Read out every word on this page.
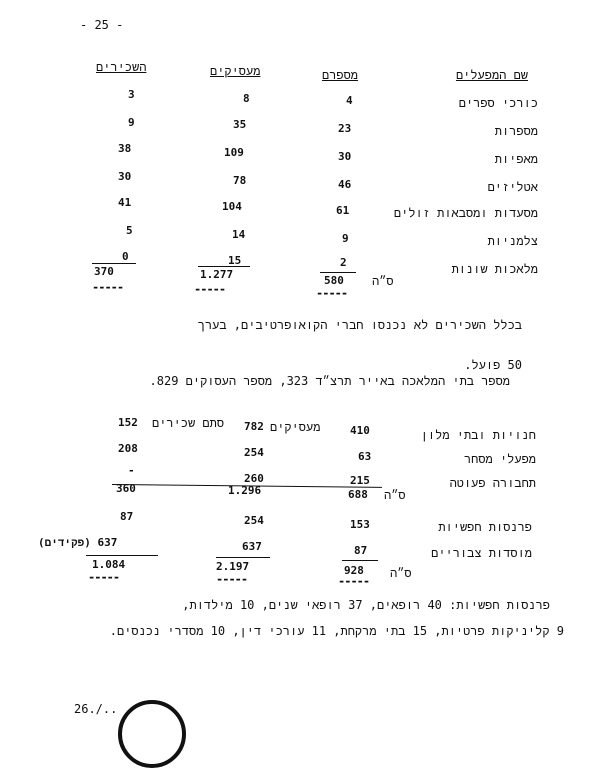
- 25 -
שם המפעלים
מספרם
מעסיקים
השכירים
כורכי ספרים
4
8
3
מספרות
23
35
9
מאפיות
30
109
38
אטליזים
46
78
30
מסעדות ומסבאות זולים
61
104
41
צלמניות
9
14
5
מלאכות שונות
2
15
0
ס״ה
580
1.277
370
-----
-----
-----
בכלל השכירים לא נכנסו חברי הקואופרטיבים, בערך
50 פועל.
מספר בתי המלאכה באייר תרצ״ד 323, מספר העסוקים 829.
חנויות ובתי מלון
410
מעסיקים
782
סתם שכירים
152
מפעלי מסחר
63
254
208
תחבורה פעוטה
215
260
-
ס״ה
688
1.296
360
פרנסות חפשיות
153
254
87
מוסדות צבוריים
87
637
637 (פקידים)
ס״ה
928
2.197
1.084
-----
-----
-----
פרנסות חפשיות: 40 רופאים, 37 רופאי שנים, 10 מילדות,
9 קליניקות פרטיות, 15 בתי מרקחת, 11 עורכי דין, 10 מסדרי נכנסים.
26./..
